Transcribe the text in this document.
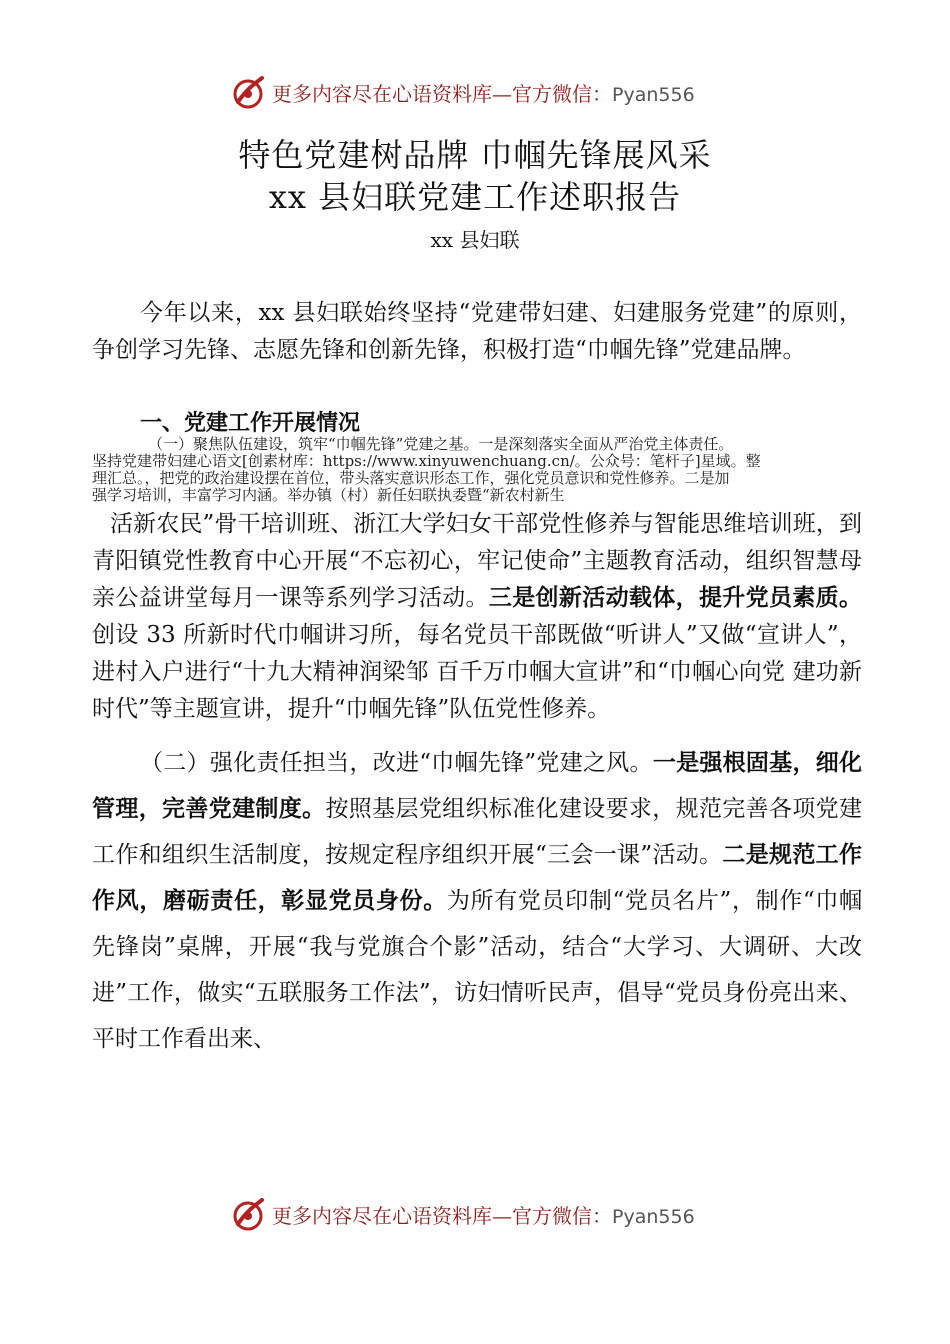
更多内容尽在心语资料库—官方微信：Pyan556
特色党建树品牌 巾帼先锋展风采
xx 县妇联党建工作述职报告
xx 县妇联
今年以来，xx 县妇联始终坚持“党建带妇建、妇建服务党建”的原则，争创学习先锋、志愿先锋和创新先锋，积极打造“巾帼先锋”党建品牌。
一、党建工作开展情况
（一）聚焦队伍建设，筑牢“巾帼先锋”党建之基。一是深刻落实全面从严治党主体责任。
坚持党建带妇建心语文[创素材库：https://www.xinyuwenchuang.cn/。公众号：笔杆子]星域。整
理汇总。，把党的政治建设摆在首位，带头落实意识形态工作，强化党员意识和党性修养。二是加
强学习培训，丰富学习内涵。举办镇（村）新任妇联执委暨“新农村新生
活新农民”骨干培训班、浙江大学妇女干部党性修养与智能思维培训班，到青阳镇党性教育中心开展“不忘初心，牢记使命”主题教育活动，组织智慧母亲公益讲堂每月一课等系列学习活动。三是创新活动载体，提升党员素质。创设 33 所新时代巾帼讲习所，每名党员干部既做“听讲人”又做“宣讲人”，进村入户进行“十九大精神润梁邹 百千万巾帼大宣讲”和“巾帼心向党 建功新时代”等主题宣讲，提升“巾帼先锋”队伍党性修养。
（二）强化责任担当，改进“巾帼先锋”党建之风。一是强根固基，细化管理，完善党建制度。按照基层党组织标准化建设要求，规范完善各项党建工作和组织生活制度，按规定程序组织开展“三会一课”活动。二是规范工作作风，磨砺责任，彰显党员身份。为所有党员印制“党员名片”，制作“巾帼先锋岗”桌牌，开展“我与党旗合个影”活动，结合“大学习、大调研、大改进”工作，做实“五联服务工作法”，访妇情听民声，倡导“党员身份亮出来、平时工作看出来、
更多内容尽在心语资料库—官方微信：Pyan556
